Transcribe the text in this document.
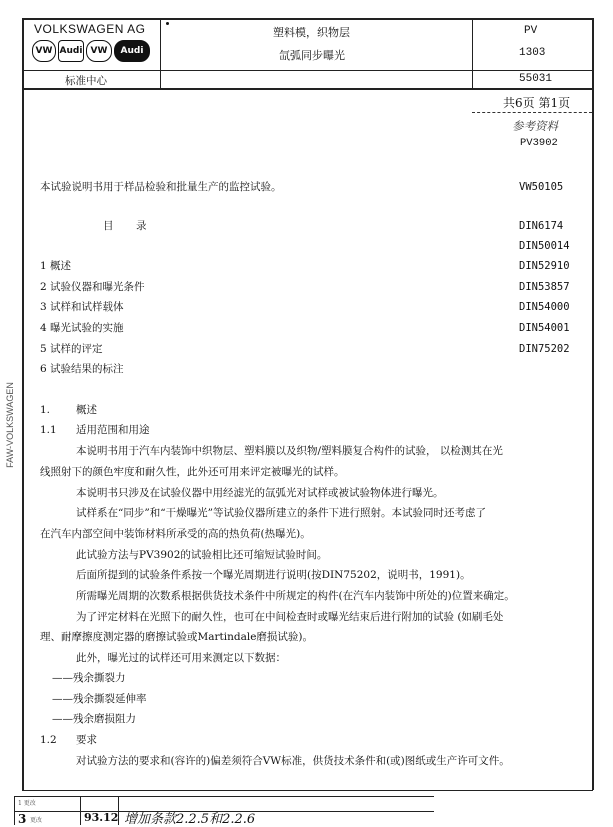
VOLKSWAGEN AG
VW Audi VW Audi
塑料模，织物层
氙弧同步曝光
PV
1303
标准中心	55031
FAW-VOLKSWAGEN
共6页 第1页
参考资料
PV3902
本试验说明书用于样品检验和批量生产的监控试验。
目　录
1 概述
2 试验仪器和曝光条件
3 试样和试样载体
4 曝光试验的实施
5 试样的评定
6 试验结果的标注
VW50105
DIN6174
DIN50014
DIN52910
DIN53857
DIN54000
DIN54001
DIN75202
1. 概述
1.1 适用范围和用途
本说明书用于汽车内装饰中织物层、塑料膜以及织物/塑料膜复合构件的试验， 以检测其在光
线照射下的颜色牢度和耐久性，此外还可用来评定被曝光的试样。
本说明书只涉及在试验仪器中用经滤光的氙弧光对试样或被试验物体进行曝光。
试样系在“同步”和“干燥曝光”等试验仪器所建立的条件下进行照射。本试验同时还考虑了
在汽车内部空间中装饰材料所承受的高的热负荷(热曝光)。
此试验方法与PV3902的试验相比还可缩短试验时间。
后面所提到的试验条件系按一个曝光周期进行说明(按DIN75202，说明书，1991)。
所需曝光周期的次数系根据供货技术条件中所规定的构件(在汽车内装饰中所处的)位置来确定。
为了评定材料在光照下的耐久性，也可在中间检查时或曝光结束后进行附加的试验 (如刷毛处
理、耐摩擦度测定器的磨擦试验或Martindale磨损试验)。
此外，曝光过的试样还可用来测定以下数据：
——残余撕裂力
——残余撕裂延伸率
——残余磨损阻力
1.2 要求
对试验方法的要求和(容许的)偏差须符合VW标准，供货技术条件和(或)图纸或生产许可文件。
1 更改
3 更改	93.12 增加条款2.2.5和2.2.6
